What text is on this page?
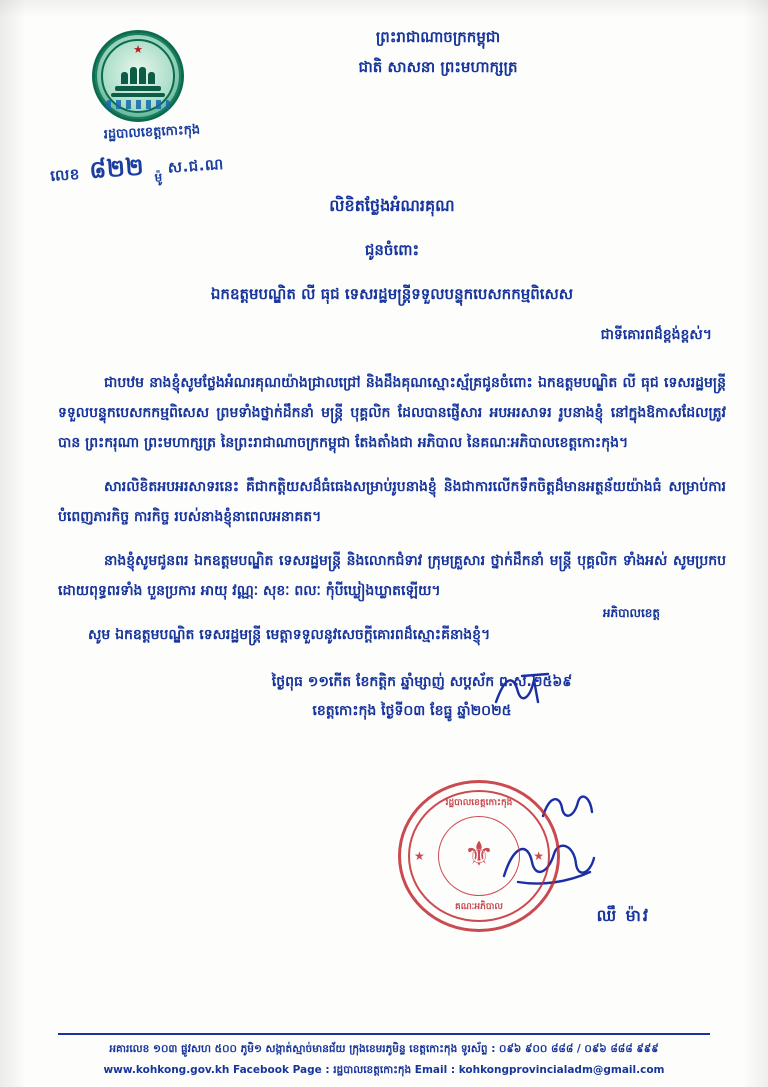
★
រដ្ឋបាលខេត្តកោះកុង
លេខ ៨២២ ម៉ូ ស.ជ.ណ
ព្រះរាជាណាចក្រកម្ពុជា
ជាតិ សាសនា ព្រះមហាក្សត្រ
លិខិតថ្លែងអំណរគុណ
ជូនចំពោះ
ឯកឧត្តមបណ្ឌិត លី ធុជ ទេសរដ្ឋមន្ត្រីទទួលបន្ទុកបេសកកម្មពិសេស
ជាទីគោរពដ៏ខ្ពង់ខ្ពស់។

ជាបឋម នាងខ្ញុំសូមថ្លែងអំណរគុណយ៉ាងជ្រាលជ្រៅ និងដឹងគុណស្មោះស្ម័គ្រជូនចំពោះ ឯកឧត្តមបណ្ឌិត លី ធុជ ទេសរដ្ឋមន្ត្រីទទួលបន្ទុកបេសកកម្មពិសេស ព្រមទាំងថ្នាក់ដឹកនាំ មន្ត្រី បុគ្គលិក ដែលបានផ្ញើសារ អបអរសាទរ រូបនាងខ្ញុំ នៅក្នុងឱកាសដែលត្រូវ បាន ព្រះករុណា ព្រះមហាក្សត្រ នៃព្រះរាជាណាចក្រកម្ពុជា តែងតាំងជា អភិបាល នៃគណៈអភិបាលខេត្តកោះកុង។

សារលិខិតអបអរសាទរនេះ គឺជាកត្តិយសដ៏ធំធេងសម្រាប់រូបនាងខ្ញុំ និងជាការលើកទឹកចិត្តដ៏មានអត្ថន័យយ៉ាងធំ សម្រាប់ការបំពេញភារកិច្ច ការកិច្ច របស់នាងខ្ញុំនាពេលអនាគត។

នាងខ្ញុំសូមជូនពរ ឯកឧត្តមបណ្ឌិត ទេសរដ្ឋមន្ត្រី និងលោកជំទាវ ក្រុមគ្រួសារ ថ្នាក់ដឹកនាំ មន្ត្រី បុគ្គលិក ទាំងអស់ សូមប្រកបដោយពុទ្ធពរទាំង បួនប្រការ អាយុ វណ្ណៈ សុខៈ ពលៈ កុំបីឃ្លៀងឃ្លាតឡើយ។

សូម ឯកឧត្តមបណ្ឌិត ទេសរដ្ឋមន្ត្រី មេត្តាទទួលនូវសេចក្តីគោរពដ៏ស្មោះគីនាងខ្ញុំ។

ថ្ងៃពុធ ១១កើត ខែកត្តិក ឆ្នាំម្សាញ់ សប្ដស័ក ព.ស.២៥៦៩
ខេត្តកោះកុង ថ្ងៃទី០៣ ខែធ្នូ ឆ្នាំ២០២៥
អភិបាលខេត្ត
ឈឹ ម៉ាវ
⚜
រដ្ឋបាលខេត្តកោះកុង
គណៈអភិបាល
★	★
អគារលេខ ១០៣ ផ្លូវសហ ៥០០ ភូមិ១ សង្កាត់ស្មាច់មានជ័យ ក្រុងខេមរភូមិន្ទ ខេត្តកោះកុង ទូរស័ព្ទ : ០៩៦ ៩០០ ៨៨៨ / ០៩៦ ៨៨៨ ៩៩៩
www.kohkong.gov.kh Facebook Page : រដ្ឋបាលខេត្តកោះកុង Email : kohkongprovincialadm@gmail.com
